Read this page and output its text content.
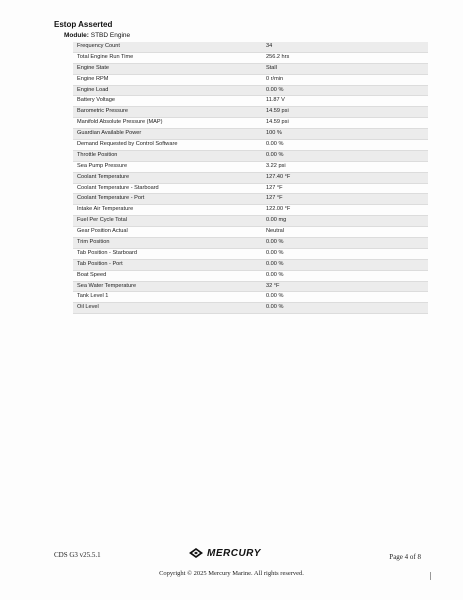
Estop Asserted
Module: STBD Engine
Frequency Count	34
Total Engine Run Time	256.2 hrs
Engine State	Stall
Engine RPM	0 r/min
Engine Load	0.00 %
Battery Voltage	11.87 V
Barometric Pressure	14.59 psi
Manifold Absolute Pressure (MAP)	14.59 psi
Guardian Available Power	100 %
Demand Requested by Control Software	0.00 %
Throttle Position	0.00 %
Sea Pump Pressure	3.22 psi
Coolant Temperature	127.40 °F
Coolant Temperature - Starboard	127 °F
Coolant Temperature - Port	127 °F
Intake Air Temperature	122.00 °F
Fuel Per Cycle Total	0.00 mg
Gear Position Actual	Neutral
Trim Position	0.00 %
Tab Position - Starboard	0.00 %
Tab Position - Port	0.00 %
Boat Speed	0.00 %
Sea Water Temperature	32 °F
Tank Level 1	0.00 %
Oil Level	0.00 %
CDS G3 v25.5.1	MERCURY	Page 4 of 8
Copyright © 2025 Mercury Marine. All rights reserved.
